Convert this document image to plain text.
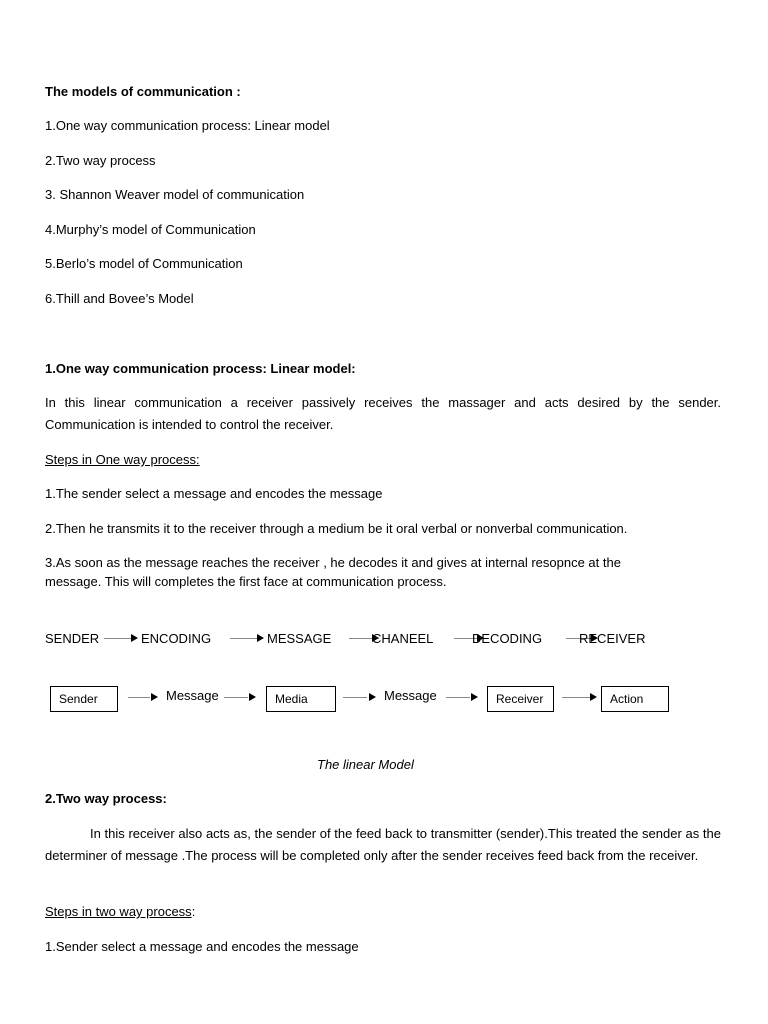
The models of communication :
1.One way communication process: Linear model
2.Two way process
3. Shannon Weaver model of communication
4.Murphy’s model of Communication
5.Berlo’s model of Communication
6.Thill and Bovee’s Model
1.One way communication process: Linear model:
In this linear communication a receiver passively receives the massager and acts desired by the sender. Communication is intended to control the receiver.
Steps in One way process:
1.The sender select a message and encodes the message
2.Then he transmits it to the receiver through a medium be it oral verbal or nonverbal communication.
3.As soon as the message reaches the receiver , he decodes it and gives at internal resopnce at the
message. This will completes the first face at communication process.
SENDER	ENCODING	MESSAGE	CHANEEL	DECODING	RECEIVER
Sender	Message	Media	Message	Receiver	Action
The linear Model
2.Two way process:
In this receiver also acts as, the sender of the feed back to transmitter (sender).This treated the sender as the determiner of message .The process will be completed only after the sender receives feed back from the receiver.
Steps in two way process:
1.Sender select a message and encodes the message
